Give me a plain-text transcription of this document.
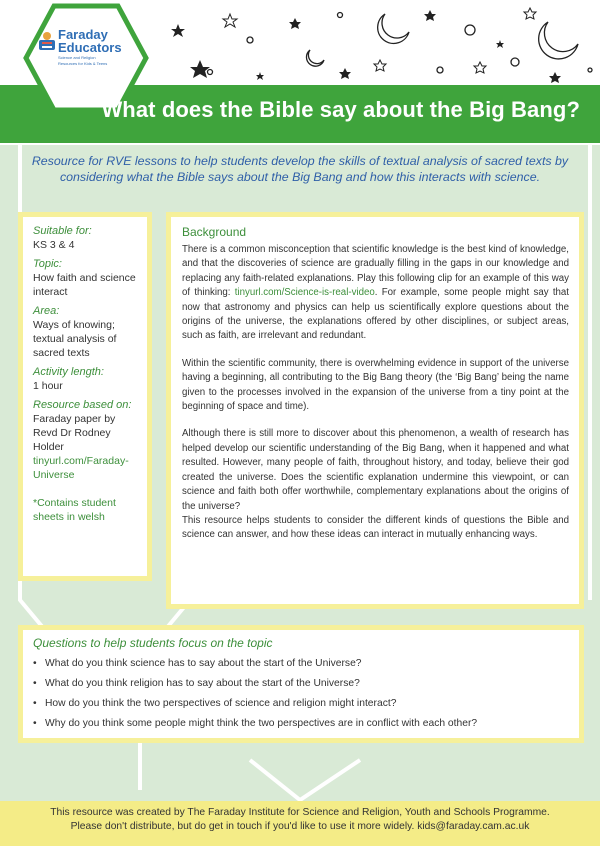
Faraday
Educators
Science and Religion
Resources for Kids & Teens
What does the Bible say about the Big Bang?
Resource for RVE lessons to help students develop the skills of textual analysis of sacred texts by considering what the Bible says about the Big Bang and how this interacts with science.
Suitable for:
KS 3 & 4
Topic:
How faith and science interact
Area:
Ways of knowing; textual analysis of sacred texts
Activity length:
1 hour
Resource based on:
Faraday paper by Revd Dr Rodney Holder
tinyurl.com/Faraday-Universe
*Contains student sheets in welsh
Background

There is a common misconception that scientific knowledge is the best kind of knowledge, and that the discoveries of science are gradually filling in the gaps in our knowledge and replacing any faith-related explanations. Play this following clip for an example of this way of thinking: tinyurl.com/Science-is-real-video. For example, some people might say that now that astronomy and physics can help us scientifically explore questions about the origins of the universe, the explanations offered by other disciplines, or subject areas, such as faith, are irrelevant and redundant.

Within the scientific community, there is overwhelming evidence in support of the universe having a beginning, all contributing to the Big Bang theory (the ‘Big Bang’ being the name given to the processes involved in the expansion of the universe from a tiny point at the beginning of space and time).

Although there is still more to discover about this phenomenon, a wealth of research has helped develop our scientific understanding of the Big Bang, when it happened and what resulted. However, many people of faith, throughout history, and today, believe their god created the universe. Does the scientific explanation undermine this viewpoint, or can science and faith both offer worthwhile, complementary explanations about the origins of the universe?

This resource helps students to consider the different kinds of questions the Bible and science can answer, and how these ideas can interact in mutually enhancing ways.

Questions to help students focus on the topic
• What do you think science has to say about the start of the Universe?
• What do you think religion has to say about the start of the Universe?
• How do you think the two perspectives of science and religion might interact?
• Why do you think some people might think the two perspectives are in conflict with each other?
This resource was created by The Faraday Institute for Science and Religion, Youth and Schools Programme.
Please don't distribute, but do get in touch if you'd like to use it more widely. kids@faraday.cam.ac.uk
